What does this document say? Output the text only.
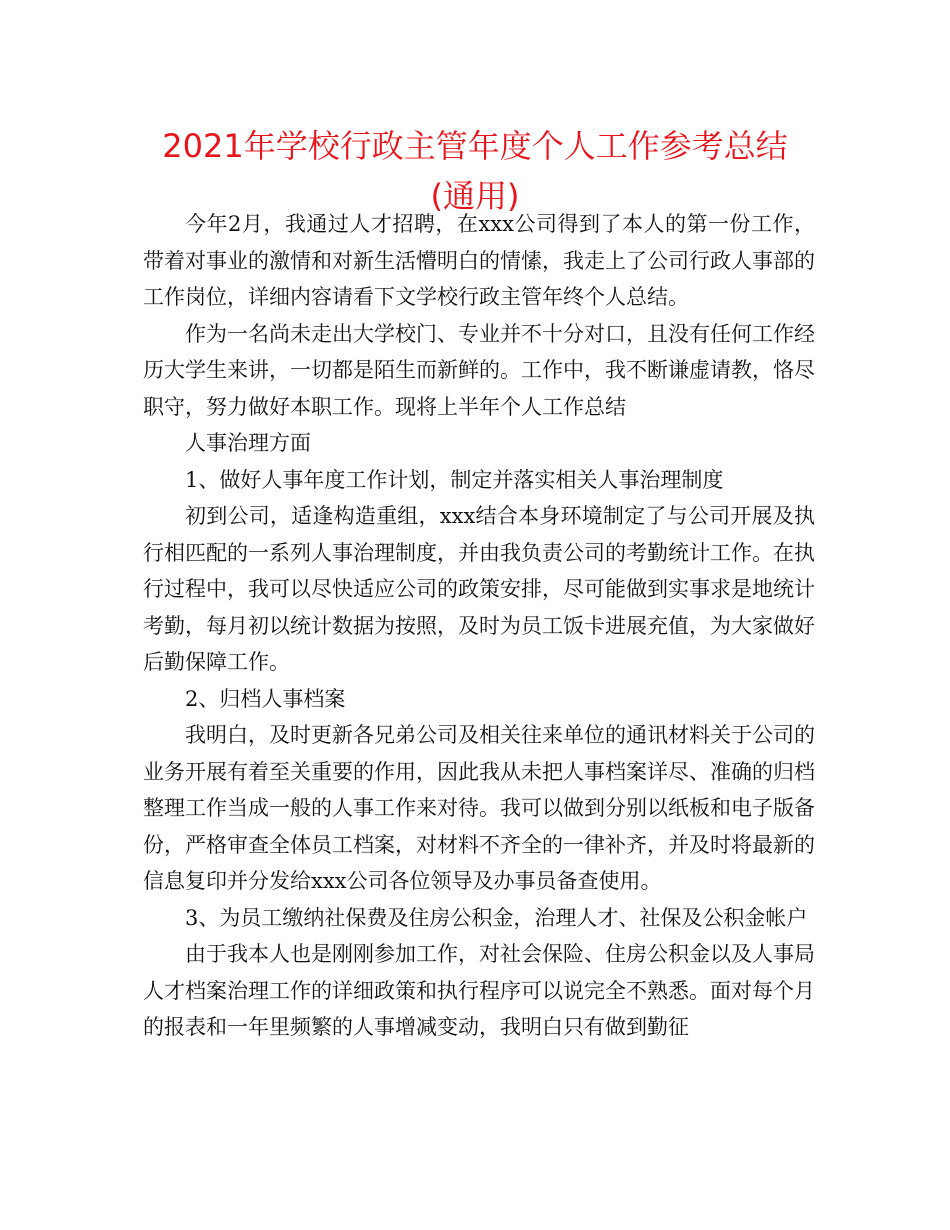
2021年学校行政主管年度个人工作参考总结
(通用)

今年2月，我通过人才招聘，在xxx公司得到了本人的第一份工作，带着对事业的激情和对新生活懵明白的情愫，我走上了公司行政人事部的工作岗位，详细内容请看下文学校行政主管年终个人总结。

作为一名尚未走出大学校门、专业并不十分对口，且没有任何工作经历大学生来讲，一切都是陌生而新鲜的。工作中，我不断谦虚请教，恪尽职守，努力做好本职工作。现将上半年个人工作总结

人事治理方面

1、做好人事年度工作计划，制定并落实相关人事治理制度

初到公司，适逢构造重组，xxx结合本身环境制定了与公司开展及执行相匹配的一系列人事治理制度，并由我负责公司的考勤统计工作。在执行过程中，我可以尽快适应公司的政策安排，尽可能做到实事求是地统计考勤，每月初以统计数据为按照，及时为员工饭卡进展充值，为大家做好后勤保障工作。

2、归档人事档案

我明白，及时更新各兄弟公司及相关往来单位的通讯材料关于公司的业务开展有着至关重要的作用，因此我从未把人事档案详尽、准确的归档整理工作当成一般的人事工作来对待。我可以做到分别以纸板和电子版备份，严格审查全体员工档案，对材料不齐全的一律补齐，并及时将最新的信息复印并分发给xxx公司各位领导及办事员备查使用。

3、为员工缴纳社保费及住房公积金，治理人才、社保及公积金帐户

由于我本人也是刚刚参加工作，对社会保险、住房公积金以及人事局人才档案治理工作的详细政策和执行程序可以说完全不熟悉。面对每个月的报表和一年里频繁的人事增减变动，我明白只有做到勤征
